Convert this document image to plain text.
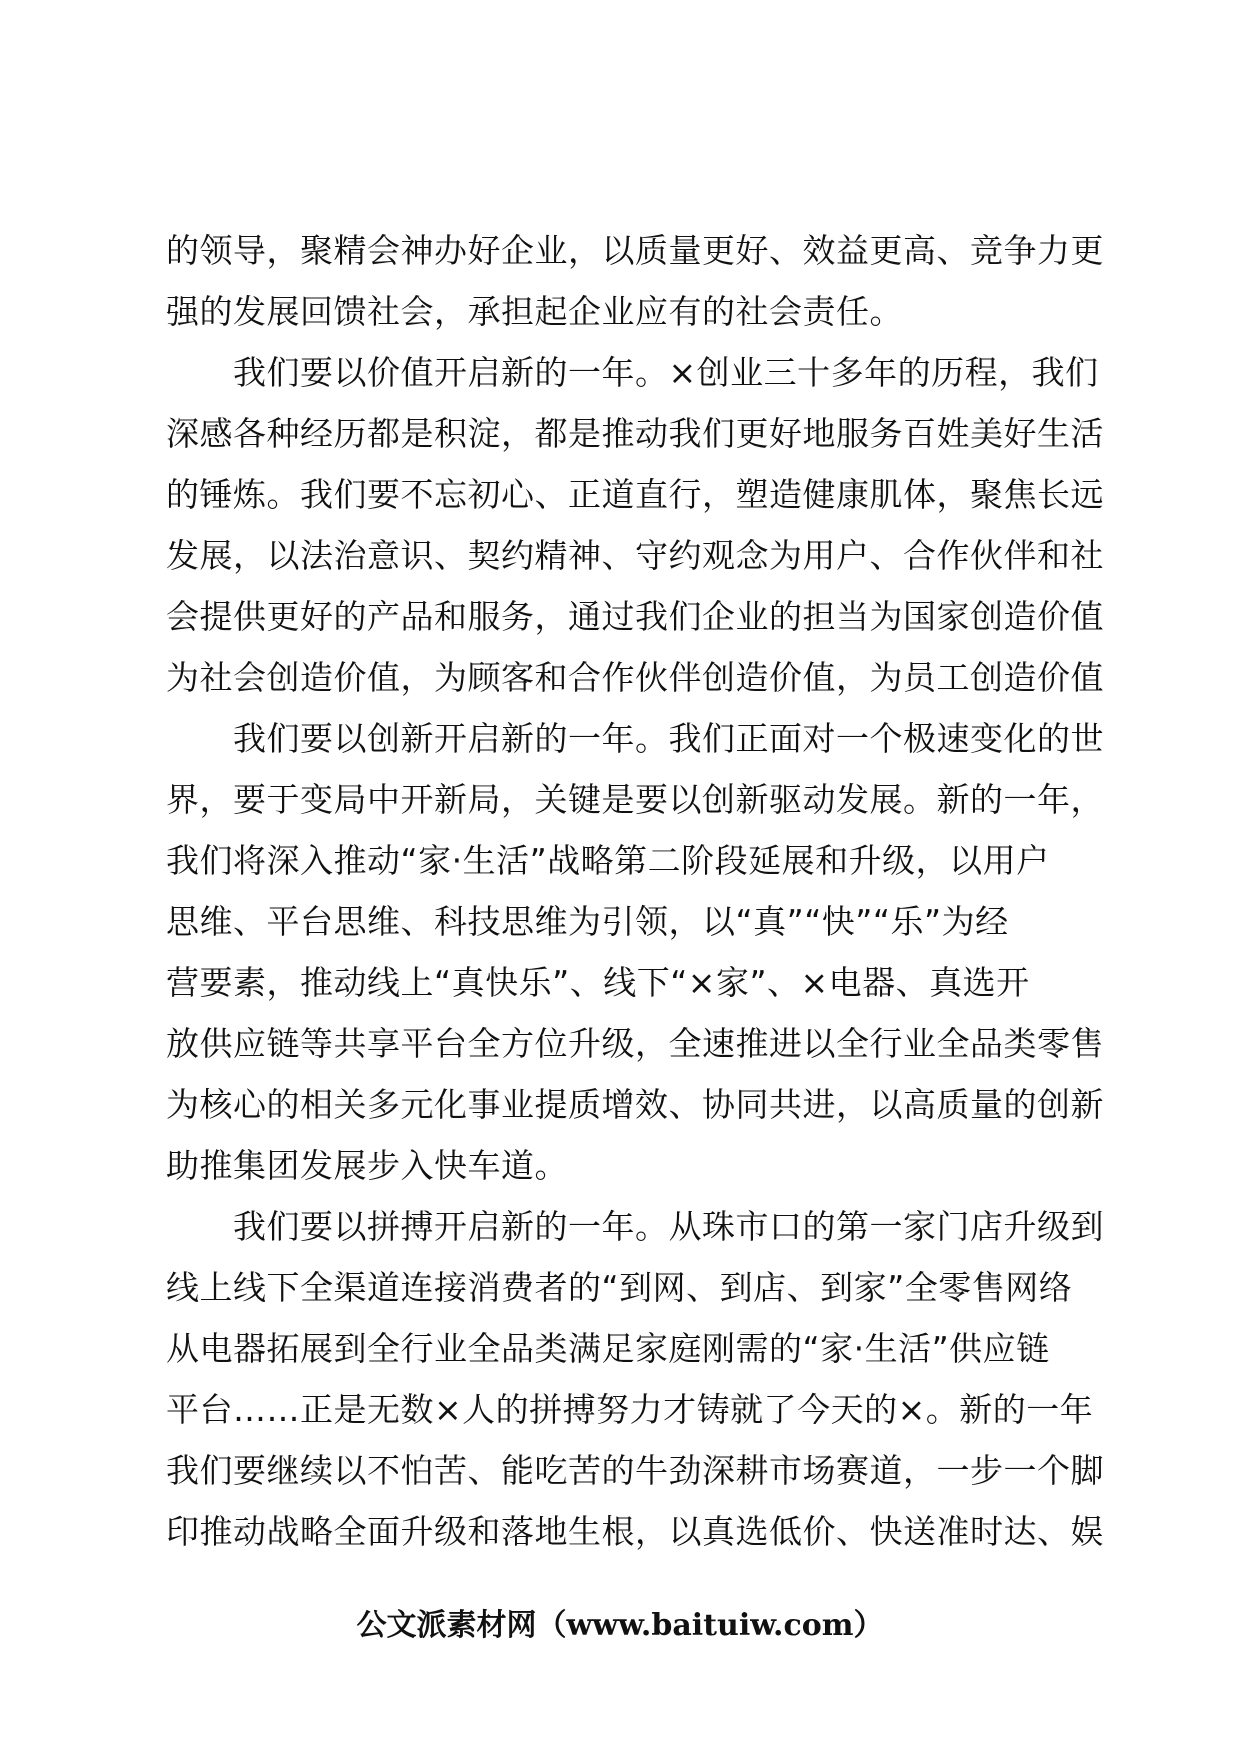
的领导，聚精会神办好企业，以质量更好、效益更高、竞争力更
强的发展回馈社会，承担起企业应有的社会责任。
　　我们要以价值开启新的一年。×创业三十多年的历程，我们
深感各种经历都是积淀，都是推动我们更好地服务百姓美好生活
的锤炼。我们要不忘初心、正道直行，塑造健康肌体，聚焦长远
发展，以法治意识、契约精神、守约观念为用户、合作伙伴和社
会提供更好的产品和服务，通过我们企业的担当为国家创造价值
为社会创造价值，为顾客和合作伙伴创造价值，为员工创造价值
　　我们要以创新开启新的一年。我们正面对一个极速变化的世
界，要于变局中开新局，关键是要以创新驱动发展。新的一年，
我们将深入推动“家·生活”战略第二阶段延展和升级，以用户
思维、平台思维、科技思维为引领，以“真”“快”“乐”为经
营要素，推动线上“真快乐”、线下“×家”、×电器、真选开
放供应链等共享平台全方位升级，全速推进以全行业全品类零售
为核心的相关多元化事业提质增效、协同共进，以高质量的创新
助推集团发展步入快车道。
　　我们要以拼搏开启新的一年。从珠市口的第一家门店升级到
线上线下全渠道连接消费者的“到网、到店、到家”全零售网络
从电器拓展到全行业全品类满足家庭刚需的“家·生活”供应链
平台……正是无数×人的拼搏努力才铸就了今天的×。新的一年
我们要继续以不怕苦、能吃苦的牛劲深耕市场赛道，一步一个脚
印推动战略全面升级和落地生根，以真选低价、快送准时达、娱
公文派素材网（www.baituiw.com）
